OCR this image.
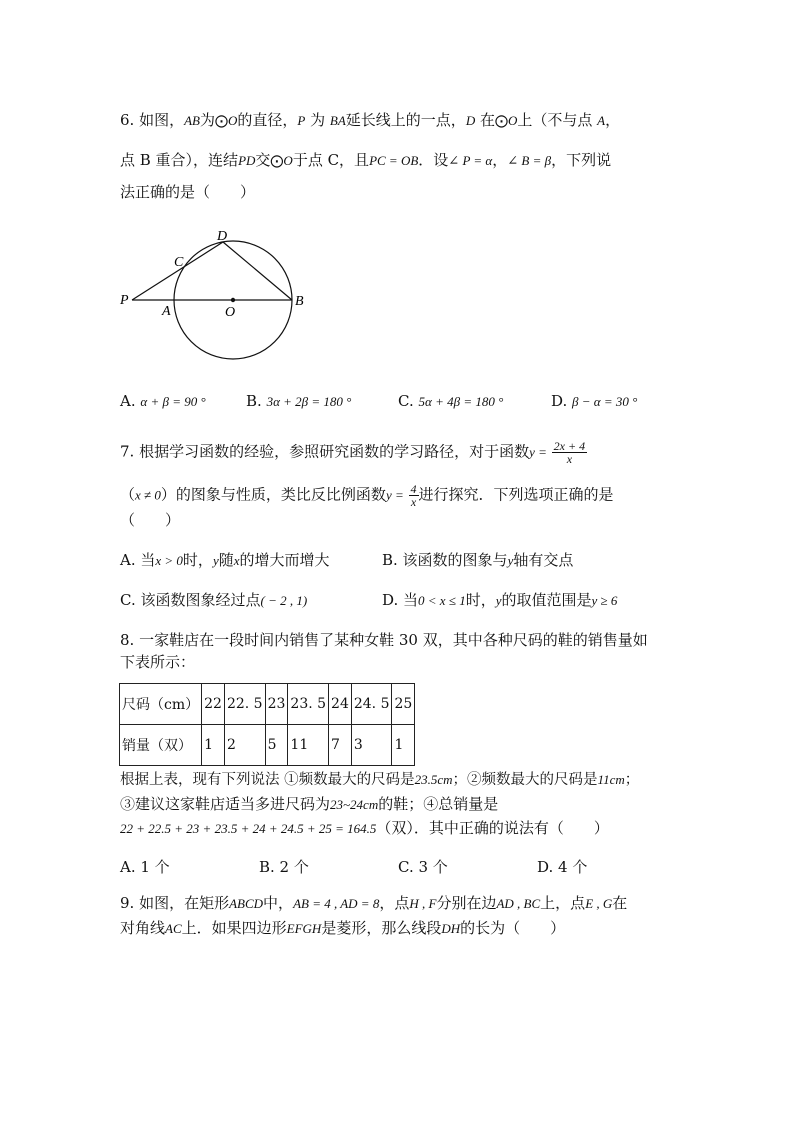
6. 如图，AB为⨀O的直径，P 为 BA延长线上的一点，D 在⨀O上（不与点 A，
点 B 重合），连结PD交⨀O于点 C，且PC = OB．设∠ P = α，∠ B = β，下列说
法正确的是（　　）
D
C
P
A	O
B
A. α + β = 90 °	B. 3α + 2β = 180 °	C. 5α + 4β = 180 °	D. β − α = 30 °
7. 根据学习函数的经验，参照研究函数的学习路径，对于函数$y = \frac{2x + 4}{x}$
（x ≠ 0）的图象与性质，类比反比例函数$y = \frac{4}{x}$ 进行探究．下列选项正确的是
（　　）
A. 当x > 0时，y随x的增大而增大	B. 该函数的图象与y轴有交点
C. 该函数图象经过点( − 2 , 1)	D. 当0 < x ≤ 1时，y的取值范围是y ≥ 6
8. 一家鞋店在一段时间内销售了某种女鞋 30 双，其中各种尺码的鞋的销售量如
下表所示：
尺码（cm）	22	22. 5	23	23. 5	24	24. 5	25
销量（双）	1	2	5	11	7	3	1
根据上表，现有下列说法 ①频数最大的尺码是23.5cm；②频数最大的尺码是11cm；
③建议这家鞋店适当多进尺码为23~24cm的鞋；④总销量是
22 + 22.5 + 23 + 23.5 + 24 + 24.5 + 25 = 164.5（双）．其中正确的说法有（　　）
A. 1 个	B. 2 个	C. 3 个	D. 4 个
9. 如图，在矩形ABCD中，AB = 4 , AD = 8，点H , F分别在边AD , BC上，点E , G在
对角线AC上．如果四边形EFGH是菱形，那么线段DH的长为（　　）
